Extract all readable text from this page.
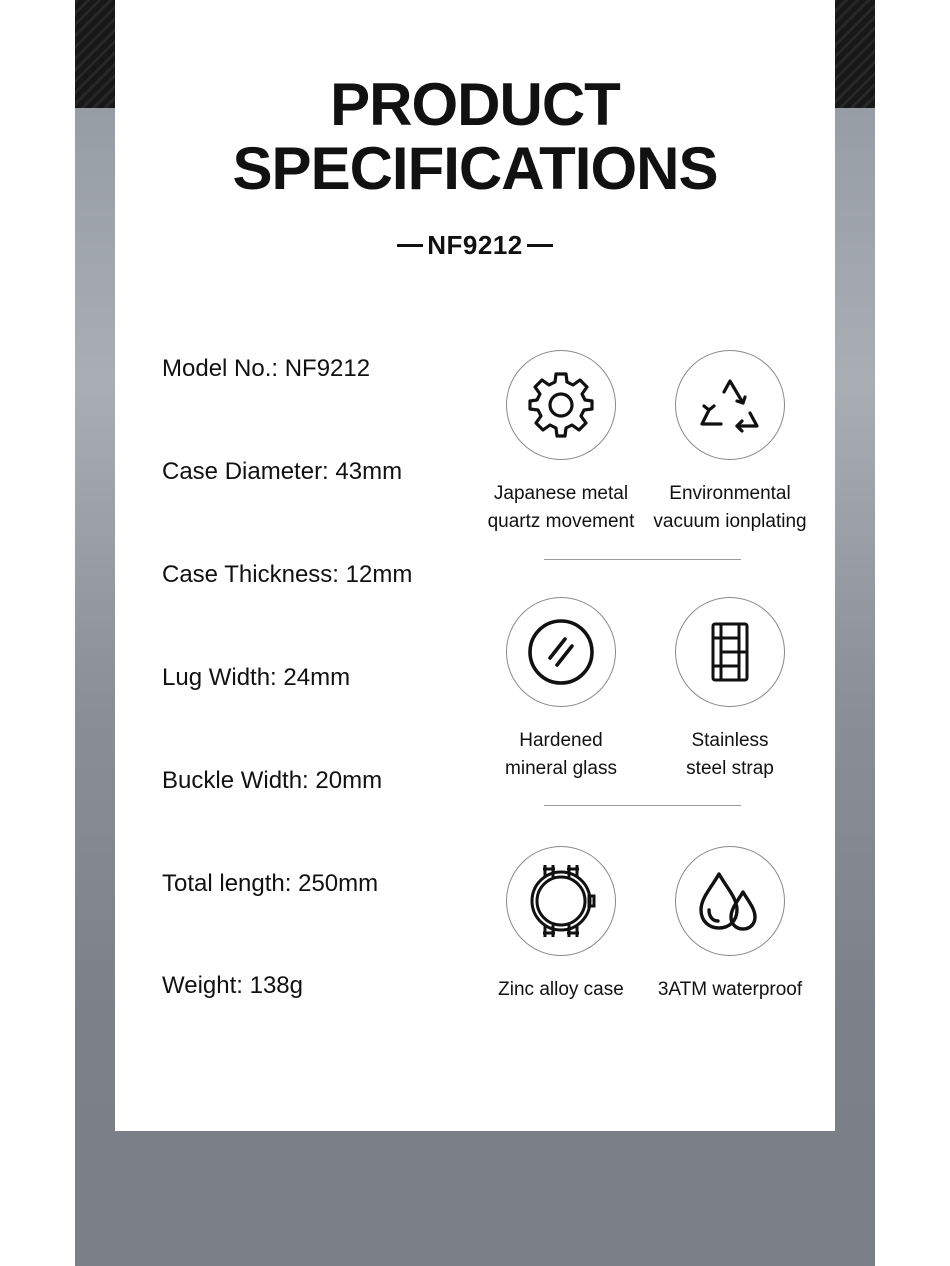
PRODUCT
SPECIFICATIONS
NF9212
Model No.: NF9212
Case Diameter: 43mm
Case Thickness: 12mm
Lug Width: 24mm
Buckle Width: 20mm
Total length: 250mm
Weight: 138g
Japanese metal
quartz movement
Environmental
vacuum ionplating
Hardened
mineral glass
Stainless
steel strap
Zinc alloy case	3ATM waterproof
